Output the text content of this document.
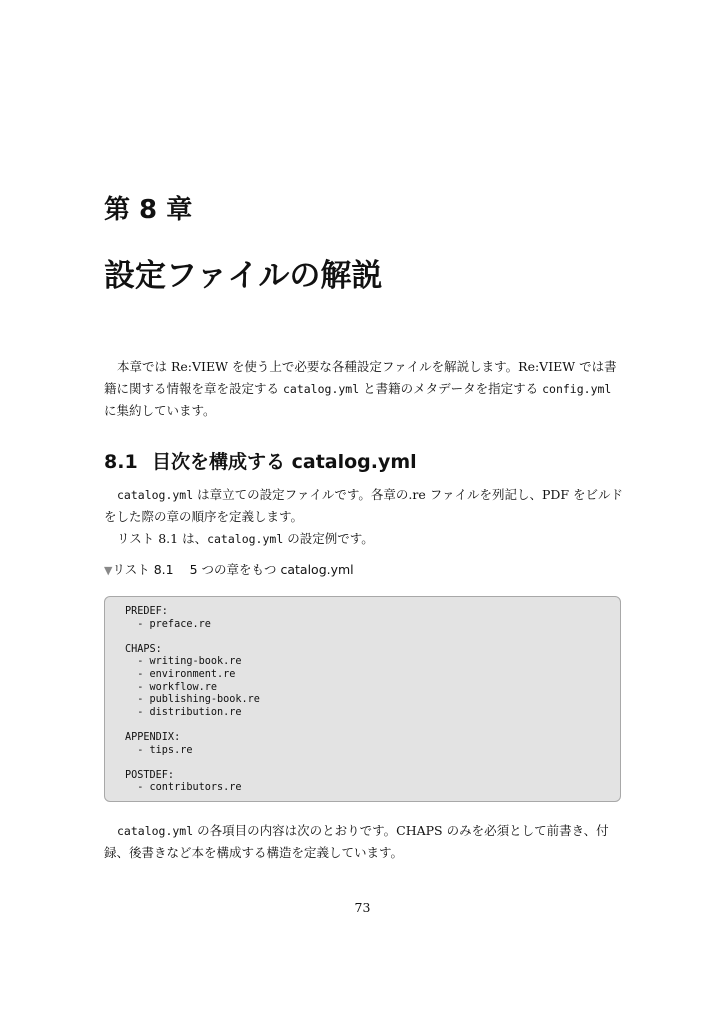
第 8 章
設定ファイルの解説

本章では Re:VIEW を使う上で必要な各種設定ファイルを解説します。Re:VIEW では書籍に関する情報を章を設定する catalog.yml と書籍のメタデータを指定する config.yml に集約しています。

8.1 目次を構成する catalog.yml

catalog.yml は章立ての設定ファイルです。各章の.re ファイルを列記し、PDF をビルドをした際の章の順序を定義します。

リスト 8.1 は、catalog.yml の設定例です。

▼リスト 8.1 5 つの章をもつ catalog.yml
PREDEF:
- preface.re

CHAPS:
- writing-book.re
- environment.re
- workflow.re
- publishing-book.re
- distribution.re

APPENDIX:
- tips.re

POSTDEF:
- contributors.re

catalog.yml の各項目の内容は次のとおりです。CHAPS のみを必須として前書き、付録、後書きなど本を構成する構造を定義しています。

73
